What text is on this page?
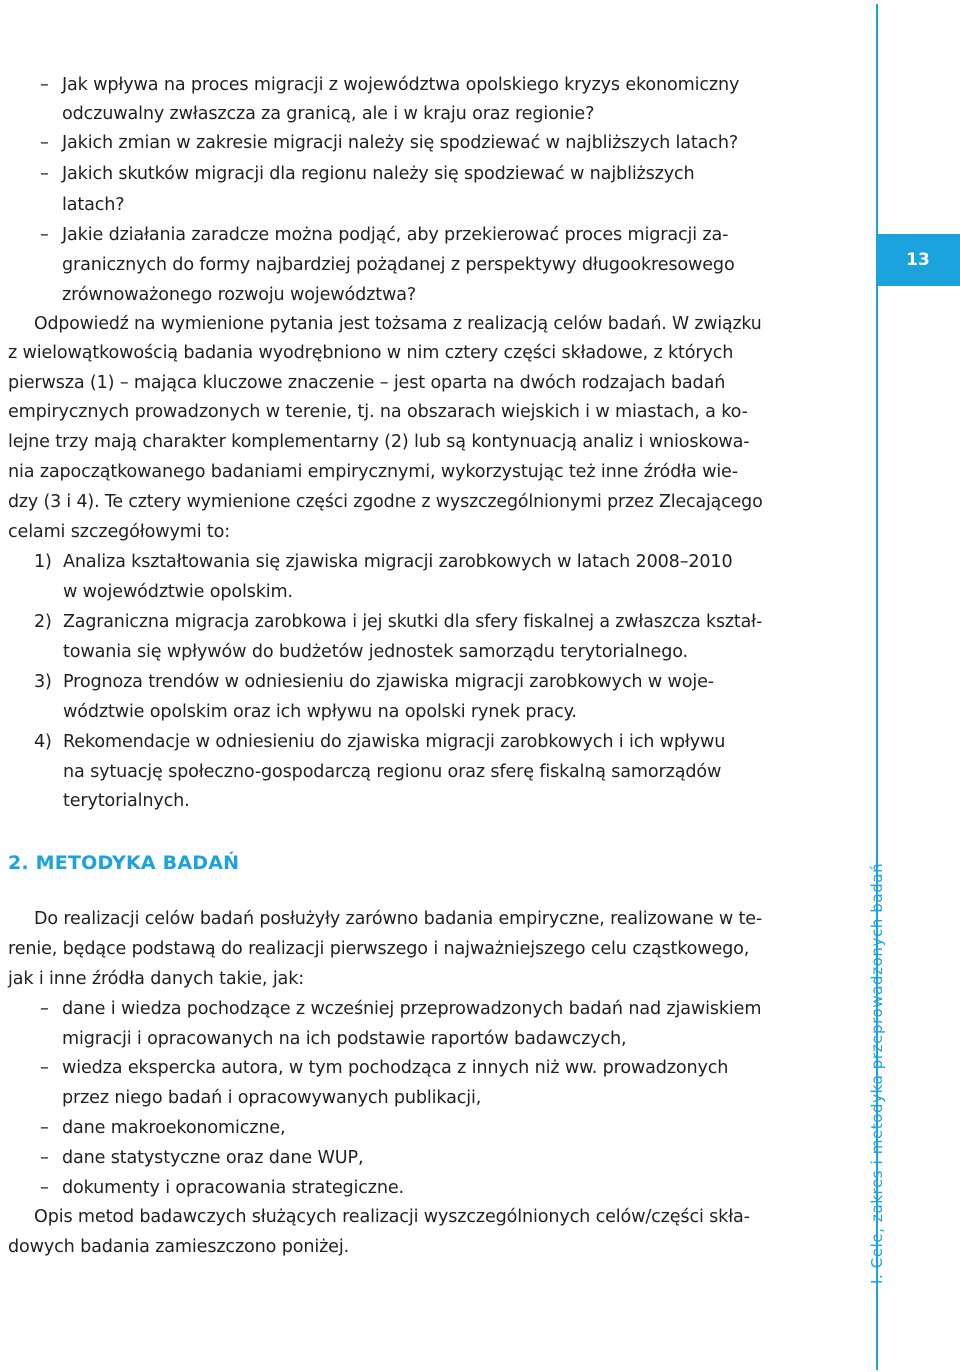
13
I. Cele, zakres i metodyka przeprowadzonych badań
– Jak wpływa na proces migracji z województwa opolskiego kryzys ekonomiczny
odczuwalny zwłaszcza za granicą, ale i w kraju oraz regionie?
– Jakich zmian w zakresie migracji należy się spodziewać w najbliższych latach?
– Jakich skutków migracji dla regionu należy się spodziewać w najbliższych
latach?
– Jakie działania zaradcze można podjąć, aby przekierować proces migracji za-
granicznych do formy najbardziej pożądanej z perspektywy długookresowego
zrównoważonego rozwoju województwa?
Odpowiedź na wymienione pytania jest tożsama z realizacją celów badań. W związku
z wielowątkowością badania wyodrębniono w nim cztery części składowe, z których
pierwsza (1) – mająca kluczowe znaczenie – jest oparta na dwóch rodzajach badań
empirycznych prowadzonych w terenie, tj. na obszarach wiejskich i w miastach, a ko-
lejne trzy mają charakter komplementarny (2) lub są kontynuacją analiz i wnioskowa-
nia zapoczątkowanego badaniami empirycznymi, wykorzystując też inne źródła wie-
dzy (3 i 4). Te cztery wymienione części zgodne z wyszczególnionymi przez Zlecającego
celami szczegółowymi to:
1) Analiza kształtowania się zjawiska migracji zarobkowych w latach 2008–2010
w województwie opolskim.
2) Zagraniczna migracja zarobkowa i jej skutki dla sfery fiskalnej a zwłaszcza kształ-
towania się wpływów do budżetów jednostek samorządu terytorialnego.
3) Prognoza trendów w odniesieniu do zjawiska migracji zarobkowych w woje-
wództwie opolskim oraz ich wpływu na opolski rynek pracy.
4) Rekomendacje w odniesieniu do zjawiska migracji zarobkowych i ich wpływu
na sytuację społeczno-gospodarczą regionu oraz sferę fiskalną samorządów
terytorialnych.
2. METODYKA BADAŃ
Do realizacji celów badań posłużyły zarówno badania empiryczne, realizowane w te-
renie, będące podstawą do realizacji pierwszego i najważniejszego celu cząstkowego,
jak i inne źródła danych takie, jak:
– dane i wiedza pochodzące z wcześniej przeprowadzonych badań nad zjawiskiem
migracji i opracowanych na ich podstawie raportów badawczych,
– wiedza ekspercka autora, w tym pochodząca z innych niż ww. prowadzonych
przez niego badań i opracowywanych publikacji,
– dane makroekonomiczne,
– dane statystyczne oraz dane WUP,
– dokumenty i opracowania strategiczne.
Opis metod badawczych służących realizacji wyszczególnionych celów/części skła-
dowych badania zamieszczono poniżej.
